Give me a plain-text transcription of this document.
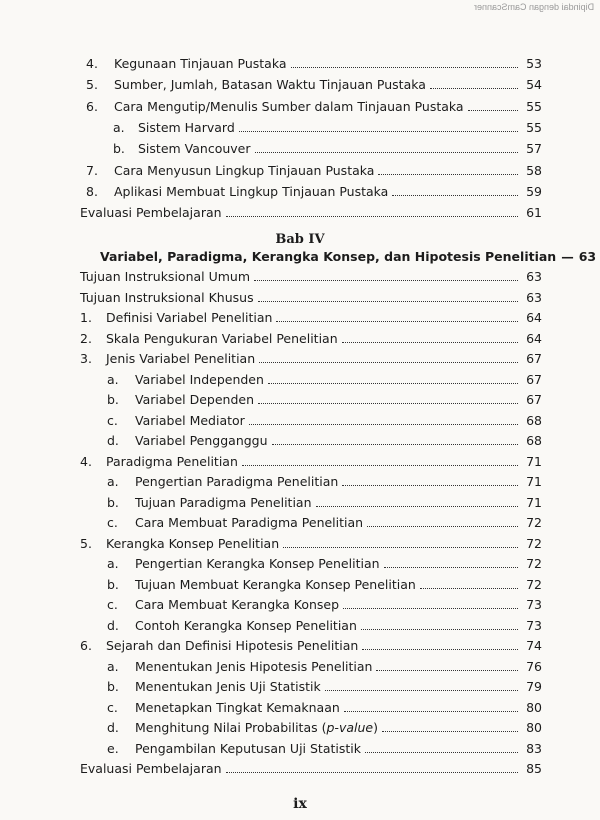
Dipindai dengan CamScanner
4.	Kegunaan Tinjauan Pustaka	53
5.	Sumber, Jumlah, Batasan Waktu Tinjauan Pustaka	54
6.	Cara Mengutip/Menulis Sumber dalam Tinjauan Pustaka	55
a.	Sistem Harvard	55
b.	Sistem Vancouver	57
7.	Cara Menyusun Lingkup Tinjauan Pustaka	58
8.	Aplikasi Membuat Lingkup Tinjauan Pustaka	59
Evaluasi Pembelajaran	61
Bab IV
Variabel, Paradigma, Kerangka Konsep, dan Hipotesis Penelitian — 63
Tujuan Instruksional Umum	63
Tujuan Instruksional Khusus	63
1.	Definisi Variabel Penelitian	64
2.	Skala Pengukuran Variabel Penelitian	64
3.	Jenis Variabel Penelitian	67
a.	Variabel Independen	67
b.	Variabel Dependen	67
c.	Variabel Mediator	68
d.	Variabel Pengganggu	68
4.	Paradigma Penelitian	71
a.	Pengertian Paradigma Penelitian	71
b.	Tujuan Paradigma Penelitian	71
c.	Cara Membuat Paradigma Penelitian	72
5.	Kerangka Konsep Penelitian	72
a.	Pengertian Kerangka Konsep Penelitian	72
b.	Tujuan Membuat Kerangka Konsep Penelitian	72
c.	Cara Membuat Kerangka Konsep	73
d.	Contoh Kerangka Konsep Penelitian	73
6.	Sejarah dan Definisi Hipotesis Penelitian	74
a.	Menentukan Jenis Hipotesis Penelitian	76
b.	Menentukan Jenis Uji Statistik	79
c.	Menetapkan Tingkat Kemaknaan	80
d.	Menghitung Nilai Probabilitas (p-value)	80
e.	Pengambilan Keputusan Uji Statistik	83
Evaluasi Pembelajaran	85
ix
